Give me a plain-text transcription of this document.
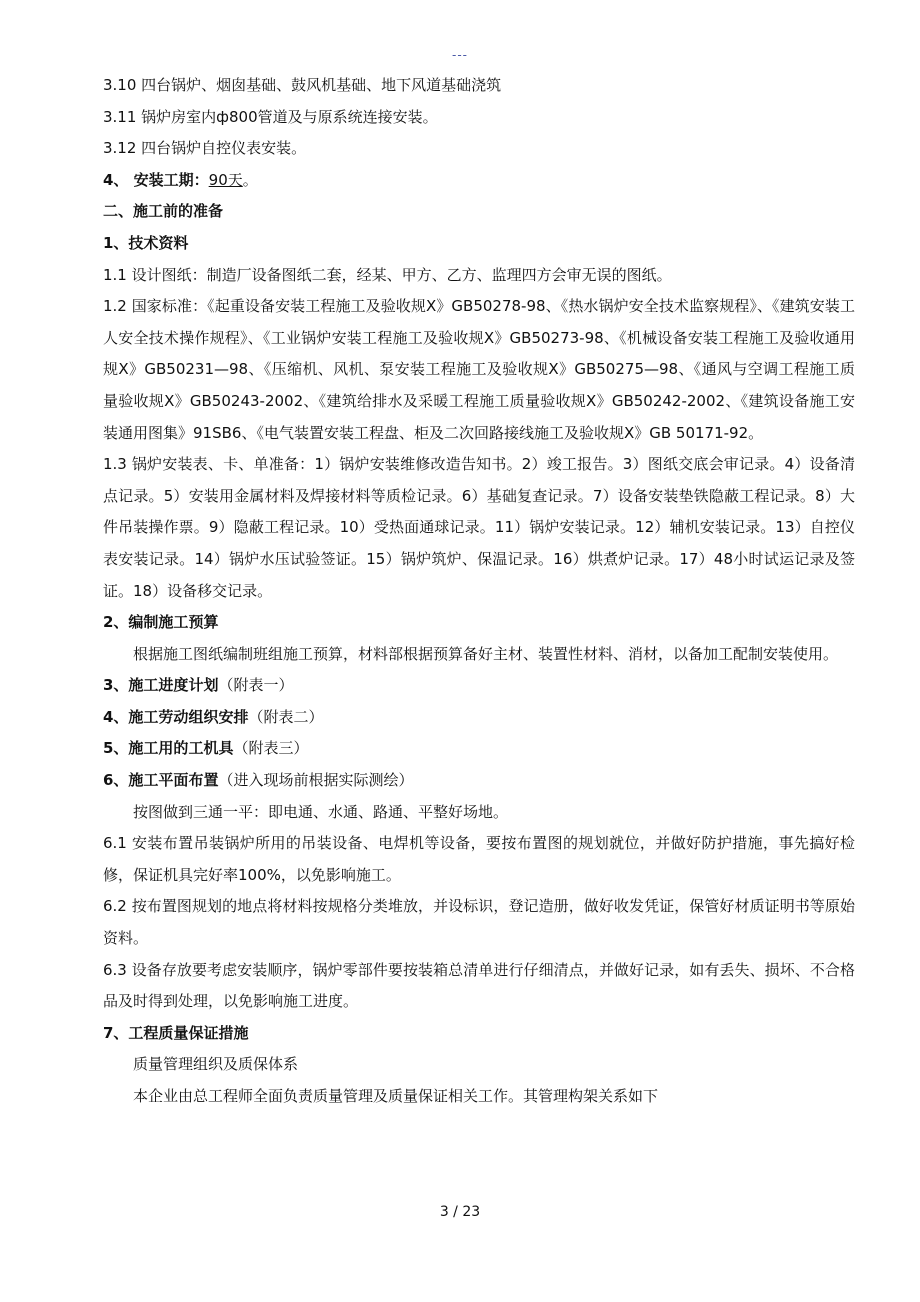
---

3.10 四台锅炉、烟囱基础、鼓风机基础、地下风道基础浇筑

3.11 锅炉房室内ф800管道及与原系统连接安装。

3.12 四台锅炉自控仪表安装。

4、 安装工期：90天。

二、施工前的准备

1、技术资料

1.1 设计图纸：制造厂设备图纸二套，经某、甲方、乙方、监理四方会审无误的图纸。

1.2 国家标准：《起重设备安装工程施工及验收规Ⅹ》GB50278-98、《热水锅炉安全技术监察规程》、《建筑安装工人安全技术操作规程》、《工业锅炉安装工程施工及验收规Ⅹ》GB50273-98、《机械设备安装工程施工及验收通用规Ⅹ》GB50231—98、《压缩机、风机、泵安装工程施工及验收规Ⅹ》GB50275—98、《通风与空调工程施工质量验收规Ⅹ》GB50243-2002、《建筑给排水及采暖工程施工质量验收规Ⅹ》GB50242-2002、《建筑设备施工安装通用图集》91SB6、《电气装置安装工程盘、柜及二次回路接线施工及验收规Ⅹ》GB 50171-92。

1.3 锅炉安装表、卡、单准备：1）锅炉安装维修改造告知书。2）竣工报告。3）图纸交底会审记录。4）设备清点记录。5）安装用金属材料及焊接材料等质检记录。6）基础复查记录。7）设备安装垫铁隐蔽工程记录。8）大件吊装操作票。9）隐蔽工程记录。10）受热面通球记录。11）锅炉安装记录。12）辅机安装记录。13）自控仪表安装记录。14）锅炉水压试验签证。15）锅炉筑炉、保温记录。16）烘煮炉记录。17）48小时试运记录及签证。18）设备移交记录。

2、编制施工预算

根据施工图纸编制班组施工预算，材料部根据预算备好主材、装置性材料、消材，以备加工配制安装使用。

3、施工进度计划（附表一）

4、施工劳动组织安排（附表二）

5、施工用的工机具（附表三）

6、施工平面布置（进入现场前根据实际测绘）

按图做到三通一平：即电通、水通、路通、平整好场地。

6.1 安装布置吊装锅炉所用的吊装设备、电焊机等设备，要按布置图的规划就位，并做好防护措施，事先搞好检修，保证机具完好率100%，以免影响施工。

6.2 按布置图规划的地点将材料按规格分类堆放，并设标识，登记造册，做好收发凭证，保管好材质证明书等原始资料。

6.3 设备存放要考虑安装顺序，锅炉零部件要按装箱总清单进行仔细清点，并做好记录，如有丢失、损坏、不合格品及时得到处理，以免影响施工进度。

7、工程质量保证措施

质量管理组织及质保体系

本企业由总工程师全面负责质量管理及质量保证相关工作。其管理构架关系如下

3 / 23
